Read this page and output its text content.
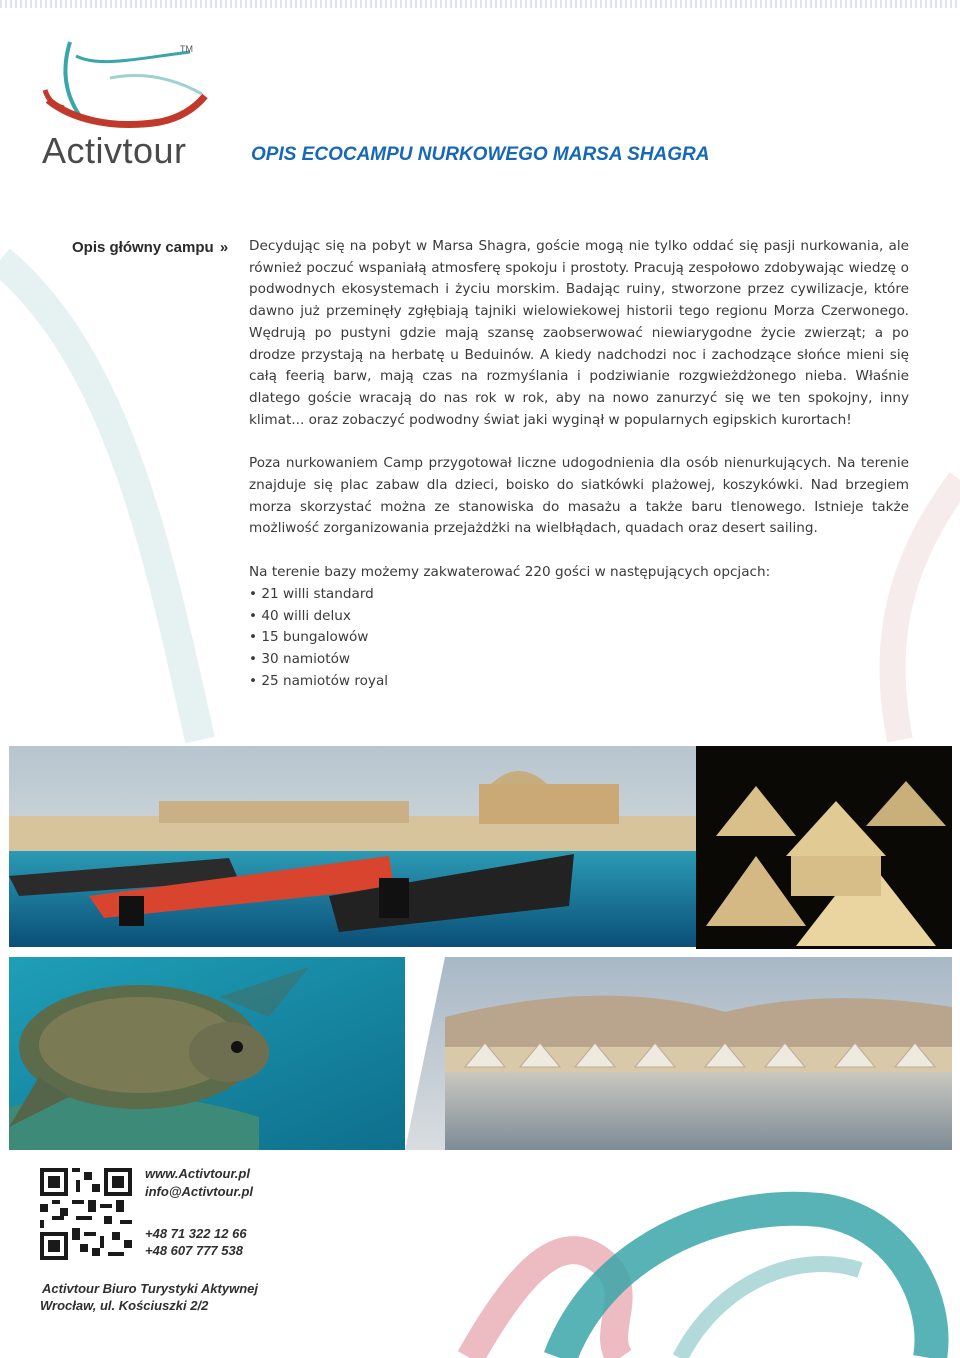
TM
Activtour	OPIS ECOCAMPU NURKOWEGO MARSA SHAGRA
Opis główny campu » Decydując się na pobyt w Marsa Shagra, goście mogą nie tylko oddać się pasji nurkowania, ale również poczuć wspaniałą atmosferę spokoju i prostoty. Pracują zespołowo zdobywając wiedzę o podwodnych ekosystemach i życiu morskim. Badając ruiny, stworzone przez cywilizacje, które dawno już przeminęły zgłębiają tajniki wielowiekowej historii tego regionu Morza Czerwonego. Wędrują po pustyni gdzie mają szansę zaobserwować niewiarygodne życie zwierząt; a po drodze przystają na herbatę u Beduinów. A kiedy nadchodzi noc i zachodzące słońce mieni się całą feerią barw, mają czas na rozmyślania i podziwianie rozgwieżdżonego nieba. Właśnie dlatego goście wracają do nas rok w rok, aby na nowo zanurzyć się we ten spokojny, inny klimat... oraz zobaczyć podwodny świat jaki wyginął w popularnych egipskich kurortach!

Poza nurkowaniem Camp przygotował liczne udogodnienia dla osób nienurkujących. Na terenie znajduje się plac zabaw dla dzieci, boisko do siatkówki plażowej, koszykówki. Nad brzegiem morza skorzystać można ze stanowiska do masażu a także baru tlenowego. Istnieje także możliwość zorganizowania przejażdżki na wielbłądach, quadach oraz desert sailing.

Na terenie bazy możemy zakwaterować 220 gości w następujących opcjach:
• 21 willi standard
• 40 willi delux
• 15 bungalowów
• 30 namiotów
• 25 namiotów royal
www.Activtour.pl
info@Activtour.pl
+48 71 322 12 66
+48 607 777 538
Activtour Biuro Turystyki Aktywnej
Wrocław, ul. Kościuszki 2/2
